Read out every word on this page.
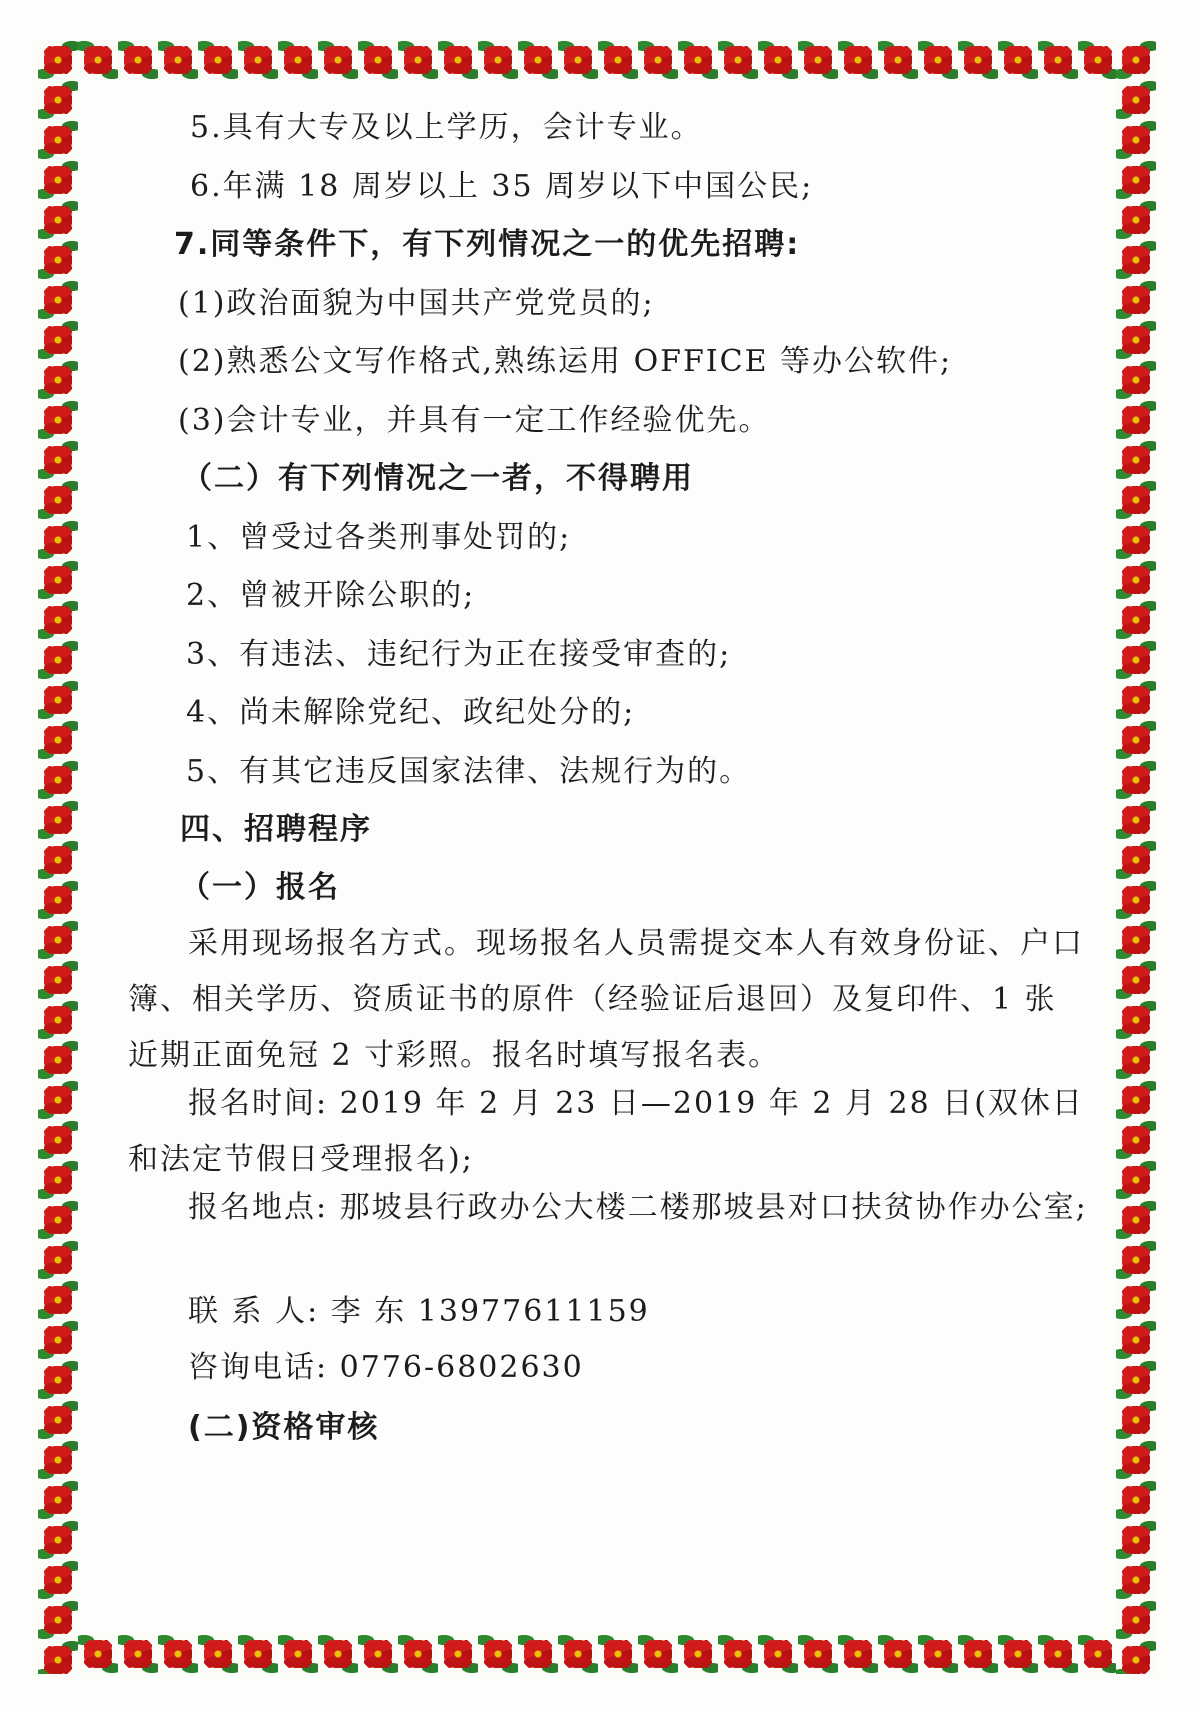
5.具有大专及以上学历，会计专业。
6.年满 18 周岁以上 35 周岁以下中国公民;
7.同等条件下，有下列情况之一的优先招聘:
(1)政治面貌为中国共产党党员的;
(2)熟悉公文写作格式,熟练运用 OFFICE 等办公软件;
(3)会计专业，并具有一定工作经验优先。
（二）有下列情况之一者，不得聘用
1、曾受过各类刑事处罚的;
2、曾被开除公职的;
3、有违法、违纪行为正在接受审查的;
4、尚未解除党纪、政纪处分的;
5、有其它违反国家法律、法规行为的。
四、招聘程序
（一）报名
采用现场报名方式。现场报名人员需提交本人有效身份证、户口簿、相关学历、资质证书的原件（经验证后退回）及复印件、1 张近期正面免冠 2 寸彩照。报名时填写报名表。
报名时间: 2019 年 2 月 23 日—2019 年 2 月 28 日(双休日和法定节假日受理报名);
报名地点: 那坡县行政办公大楼二楼那坡县对口扶贫协作办公室;
联 系 人: 李 东 13977611159
咨询电话: 0776-6802630
(二)资格审核
